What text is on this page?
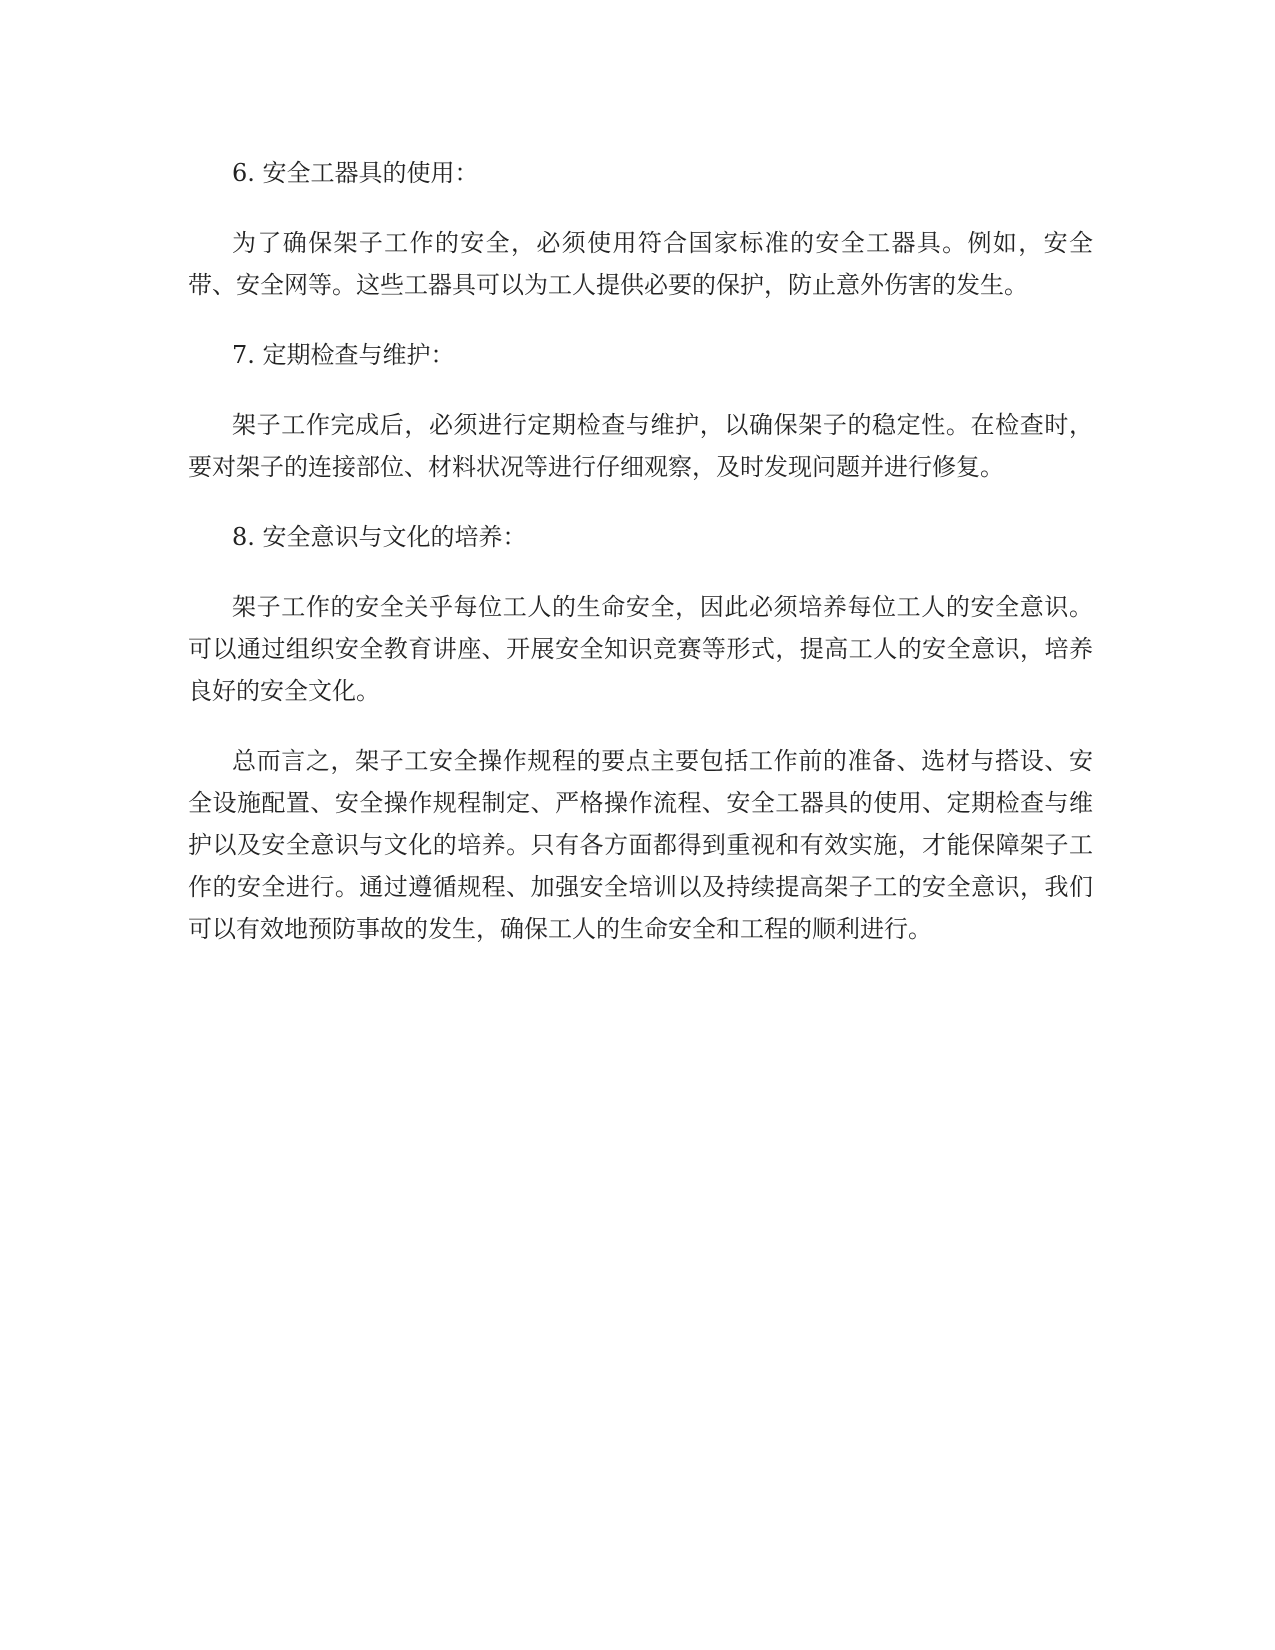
6. 安全工器具的使用：

为了确保架子工作的安全，必须使用符合国家标准的安全工器具。例如，安全带、安全网等。这些工器具可以为工人提供必要的保护，防止意外伤害的发生。

7. 定期检查与维护：

架子工作完成后，必须进行定期检查与维护，以确保架子的稳定性。在检查时，要对架子的连接部位、材料状况等进行仔细观察，及时发现问题并进行修复。

8. 安全意识与文化的培养：

架子工作的安全关乎每位工人的生命安全，因此必须培养每位工人的安全意识。可以通过组织安全教育讲座、开展安全知识竞赛等形式，提高工人的安全意识，培养良好的安全文化。

总而言之，架子工安全操作规程的要点主要包括工作前的准备、选材与搭设、安全设施配置、安全操作规程制定、严格操作流程、安全工器具的使用、定期检查与维护以及安全意识与文化的培养。只有各方面都得到重视和有效实施，才能保障架子工作的安全进行。通过遵循规程、加强安全培训以及持续提高架子工的安全意识，我们可以有效地预防事故的发生，确保工人的生命安全和工程的顺利进行。
